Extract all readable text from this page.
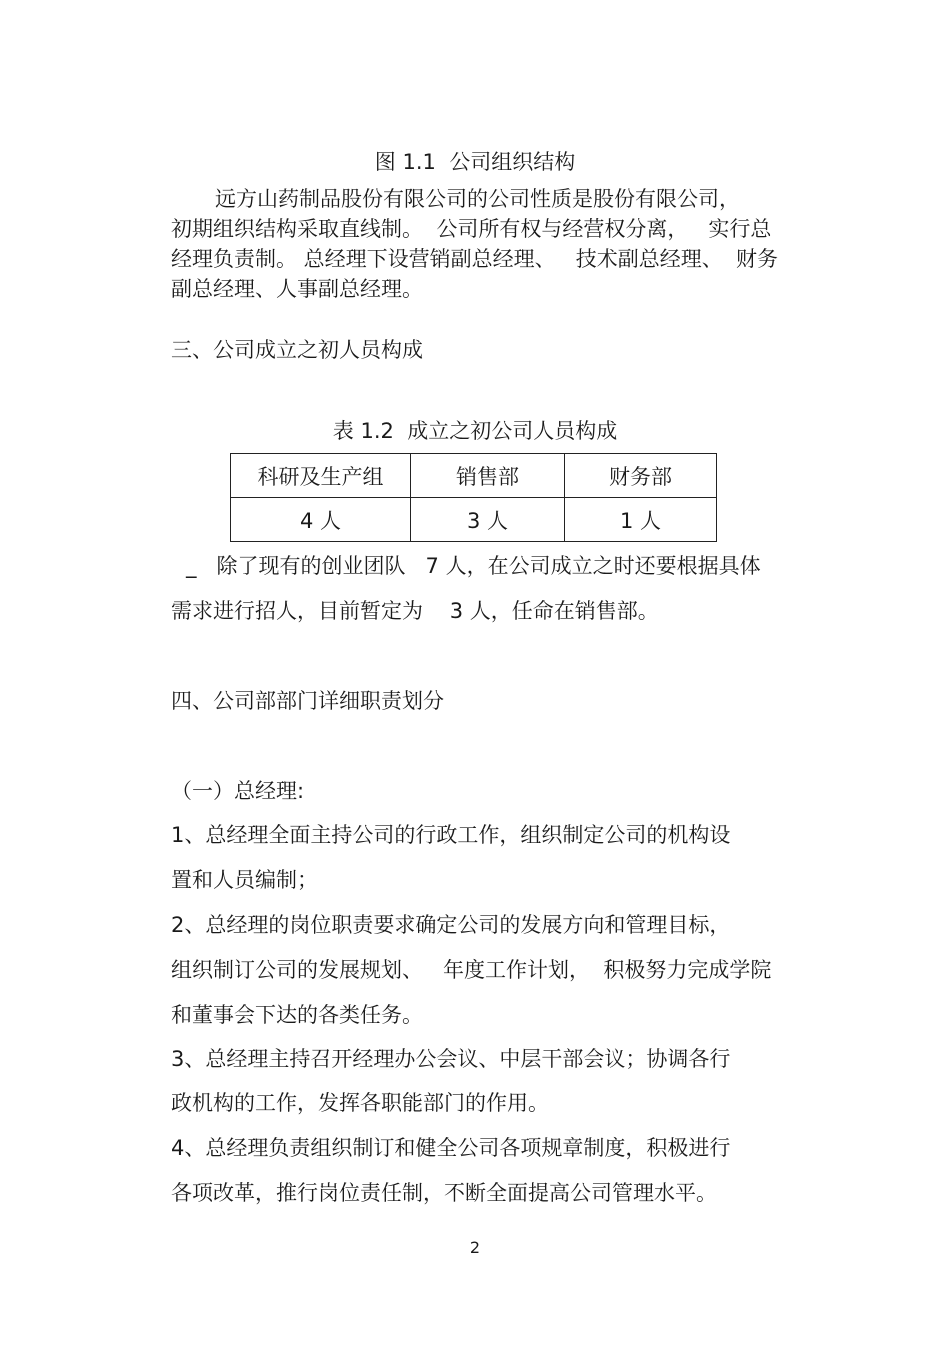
图 1.1  公司组织结构
远方山药制品股份有限公司的公司性质是股份有限公司，
初期组织结构采取直线制。  公司所有权与经营权分离，   实行总
经理负责制。 总经理下设营销副总经理、   技术副总经理、  财务
副总经理、人事副总经理。
三、公司成立之初人员构成
表 1.2  成立之初公司人员构成
科研及生产组	销售部	财务部
4 人	3 人	1 人
_   除了现有的创业团队   7 人，在公司成立之时还要根据具体
需求进行招人，目前暂定为    3 人，任命在销售部。
四、公司部部门详细职责划分
（一）总经理:
1、总经理全面主持公司的行政工作，组织制定公司的机构设
置和人员编制；
2、总经理的岗位职责要求确定公司的发展方向和管理目标，
组织制订公司的发展规划、   年度工作计划，  积极努力完成学院
和董事会下达的各类任务。
3、总经理主持召开经理办公会议、中层干部会议；协调各行
政机构的工作，发挥各职能部门的作用。
4、总经理负责组织制订和健全公司各项规章制度，积极进行
各项改革，推行岗位责任制，不断全面提高公司管理水平。
2
